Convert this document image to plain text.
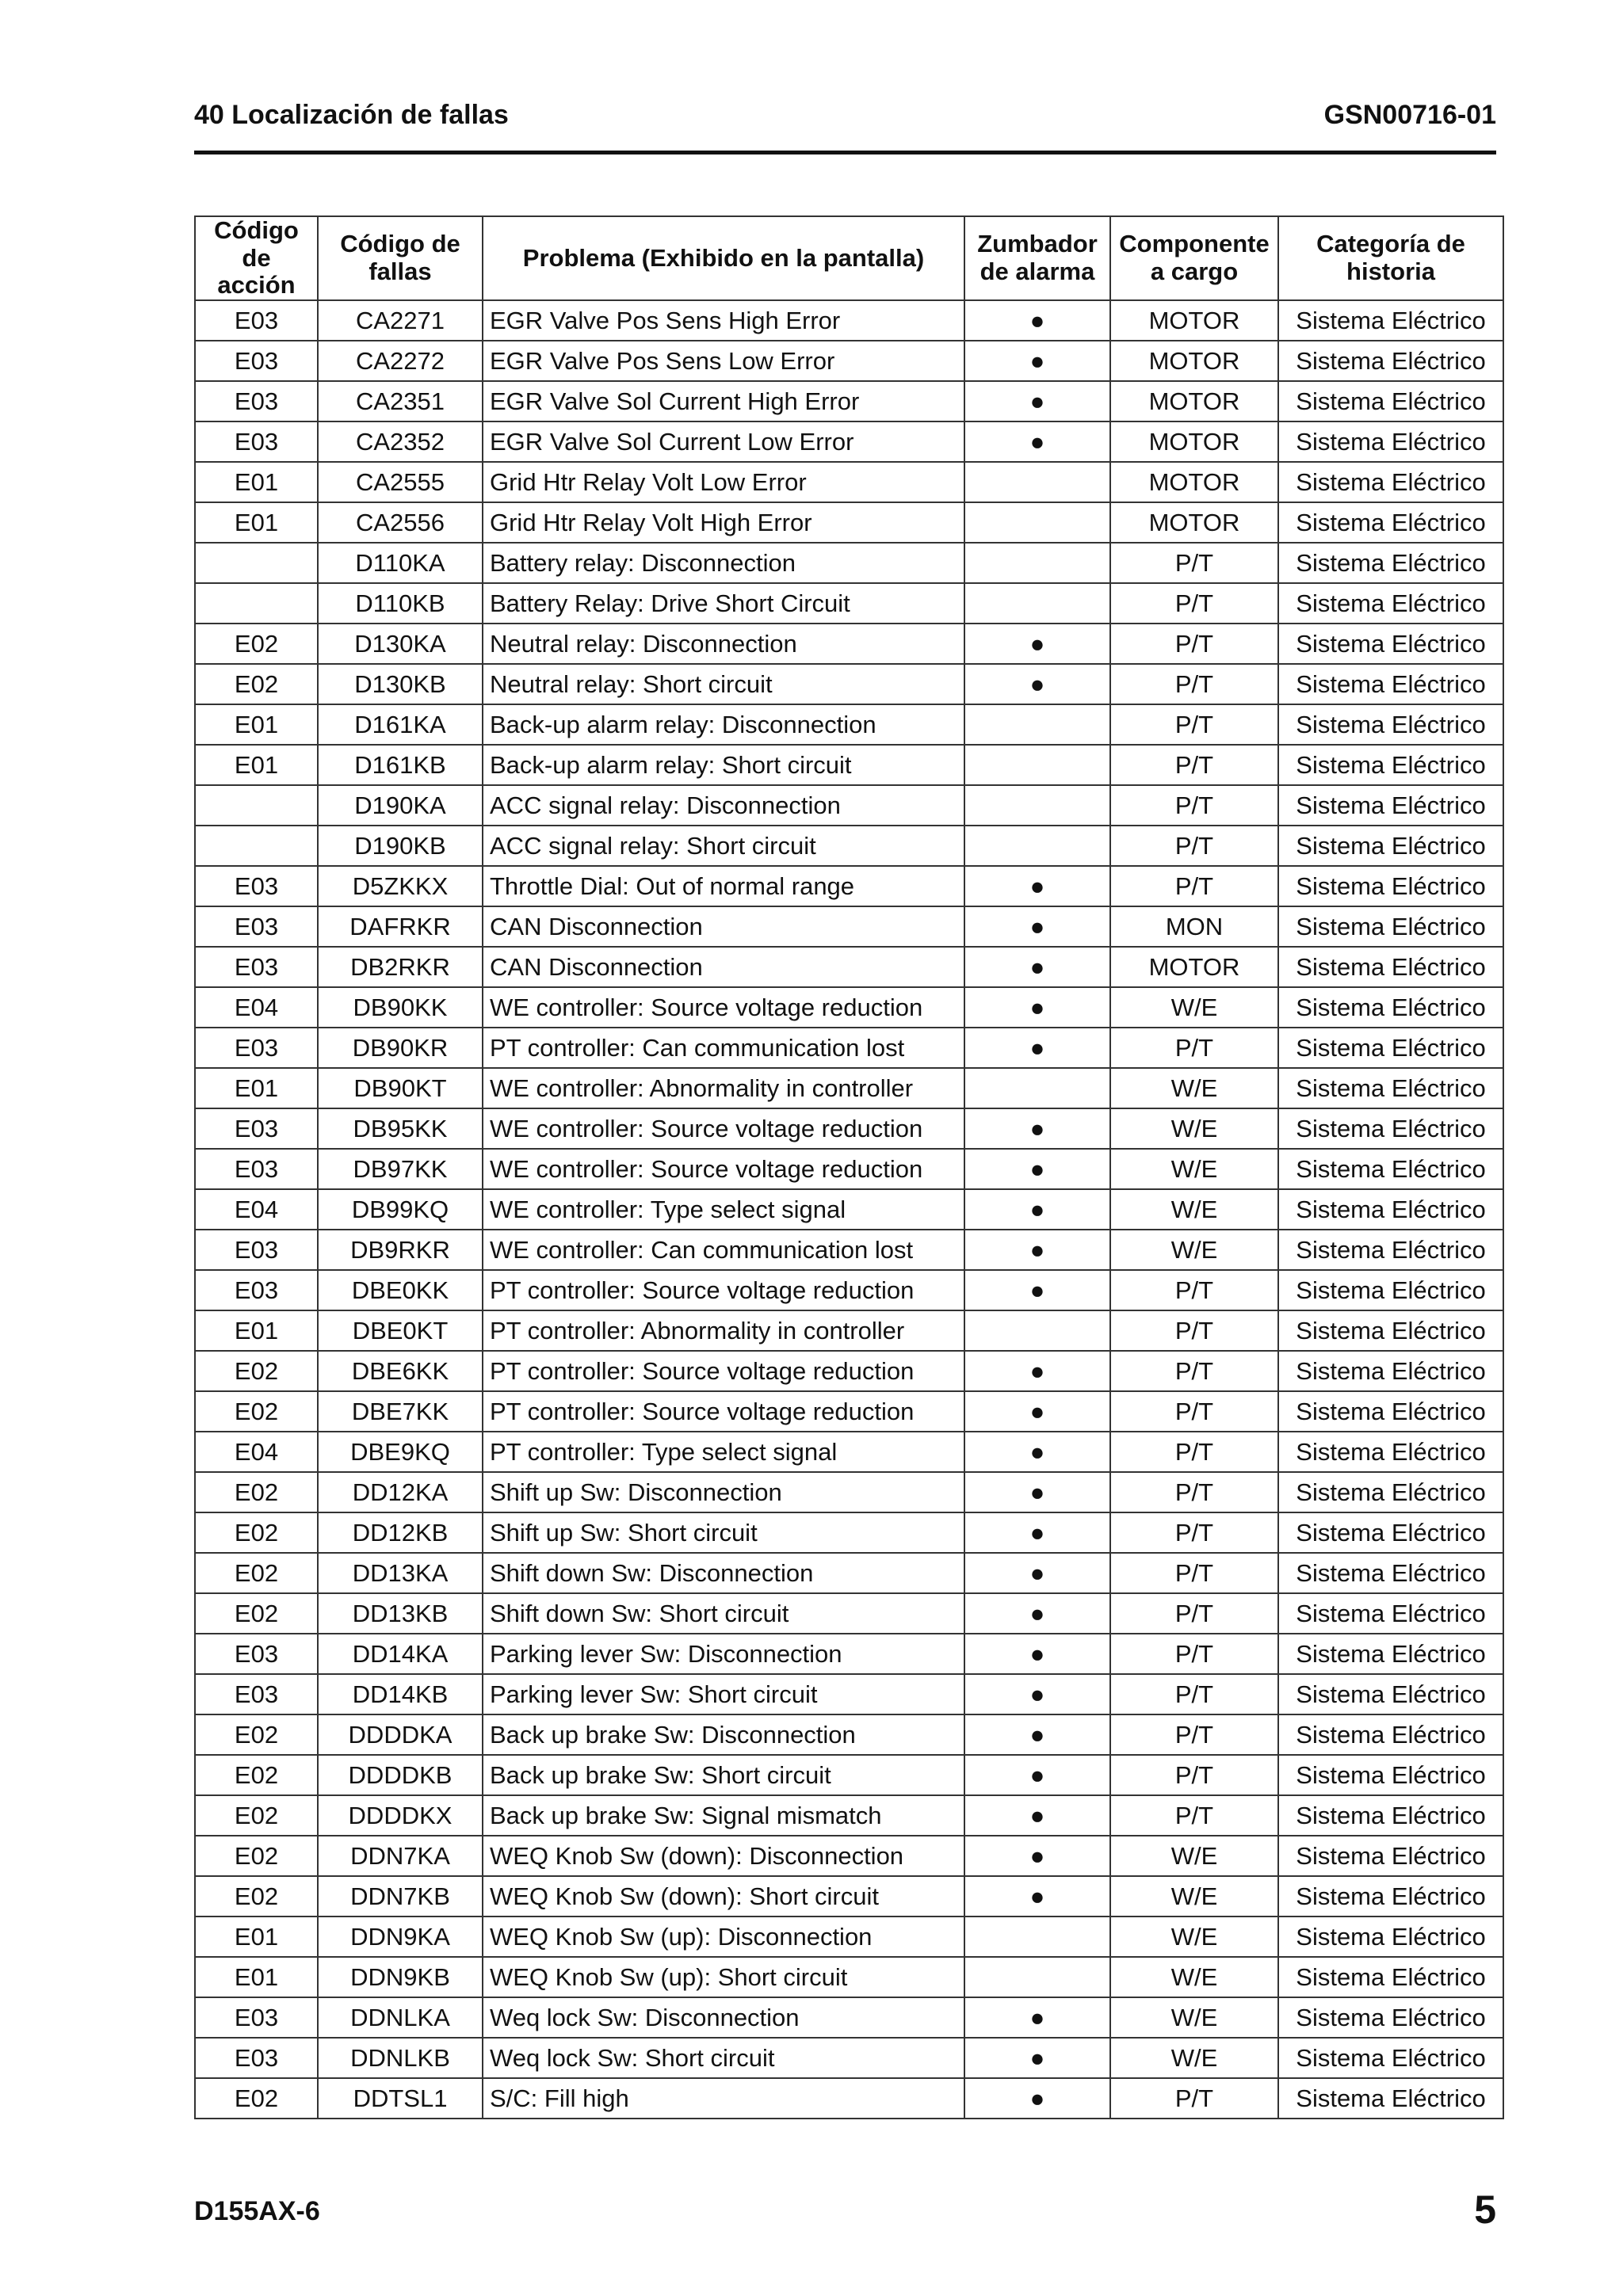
40 Localización de fallas	GSN00716-01
Código de acción	Código de fallas	Problema (Exhibido en la pantalla)	Zumbador de alarma	Componente a cargo	Categoría de historia
E03	CA2271	EGR Valve Pos Sens High Error	●	MOTOR	Sistema Eléctrico
E03	CA2272	EGR Valve Pos Sens Low Error	●	MOTOR	Sistema Eléctrico
E03	CA2351	EGR Valve Sol Current High Error	●	MOTOR	Sistema Eléctrico
E03	CA2352	EGR Valve Sol Current Low Error	●	MOTOR	Sistema Eléctrico
E01	CA2555	Grid Htr Relay Volt Low Error		MOTOR	Sistema Eléctrico
E01	CA2556	Grid Htr Relay Volt High Error		MOTOR	Sistema Eléctrico
	D110KA	Battery relay: Disconnection		P/T	Sistema Eléctrico
	D110KB	Battery Relay: Drive Short Circuit		P/T	Sistema Eléctrico
E02	D130KA	Neutral relay: Disconnection	●	P/T	Sistema Eléctrico
E02	D130KB	Neutral relay: Short circuit	●	P/T	Sistema Eléctrico
E01	D161KA	Back-up alarm relay: Disconnection		P/T	Sistema Eléctrico
E01	D161KB	Back-up alarm relay: Short circuit		P/T	Sistema Eléctrico
	D190KA	ACC signal relay: Disconnection		P/T	Sistema Eléctrico
	D190KB	ACC signal relay: Short circuit		P/T	Sistema Eléctrico
E03	D5ZKKX	Throttle Dial: Out of normal range	●	P/T	Sistema Eléctrico
E03	DAFRKR	CAN Disconnection	●	MON	Sistema Eléctrico
E03	DB2RKR	CAN Disconnection	●	MOTOR	Sistema Eléctrico
E04	DB90KK	WE controller: Source voltage reduction	●	W/E	Sistema Eléctrico
E03	DB90KR	PT controller: Can communication lost	●	P/T	Sistema Eléctrico
E01	DB90KT	WE controller: Abnormality in controller		W/E	Sistema Eléctrico
E03	DB95KK	WE controller: Source voltage reduction	●	W/E	Sistema Eléctrico
E03	DB97KK	WE controller: Source voltage reduction	●	W/E	Sistema Eléctrico
E04	DB99KQ	WE controller: Type select signal	●	W/E	Sistema Eléctrico
E03	DB9RKR	WE controller: Can communication lost	●	W/E	Sistema Eléctrico
E03	DBE0KK	PT controller: Source voltage reduction	●	P/T	Sistema Eléctrico
E01	DBE0KT	PT controller: Abnormality in controller		P/T	Sistema Eléctrico
E02	DBE6KK	PT controller: Source voltage reduction	●	P/T	Sistema Eléctrico
E02	DBE7KK	PT controller: Source voltage reduction	●	P/T	Sistema Eléctrico
E04	DBE9KQ	PT controller: Type select signal	●	P/T	Sistema Eléctrico
E02	DD12KA	Shift up Sw: Disconnection	●	P/T	Sistema Eléctrico
E02	DD12KB	Shift up Sw: Short circuit	●	P/T	Sistema Eléctrico
E02	DD13KA	Shift down Sw: Disconnection	●	P/T	Sistema Eléctrico
E02	DD13KB	Shift down Sw: Short circuit	●	P/T	Sistema Eléctrico
E03	DD14KA	Parking lever Sw: Disconnection	●	P/T	Sistema Eléctrico
E03	DD14KB	Parking lever Sw: Short circuit	●	P/T	Sistema Eléctrico
E02	DDDDKA	Back up brake Sw: Disconnection	●	P/T	Sistema Eléctrico
E02	DDDDKB	Back up brake Sw: Short circuit	●	P/T	Sistema Eléctrico
E02	DDDDKX	Back up brake Sw: Signal mismatch	●	P/T	Sistema Eléctrico
E02	DDN7KA	WEQ Knob Sw (down): Disconnection	●	W/E	Sistema Eléctrico
E02	DDN7KB	WEQ Knob Sw (down): Short circuit	●	W/E	Sistema Eléctrico
E01	DDN9KA	WEQ Knob Sw (up): Disconnection		W/E	Sistema Eléctrico
E01	DDN9KB	WEQ Knob Sw (up): Short circuit		W/E	Sistema Eléctrico
E03	DDNLKA	Weq lock Sw: Disconnection	●	W/E	Sistema Eléctrico
E03	DDNLKB	Weq lock Sw: Short circuit	●	W/E	Sistema Eléctrico
E02	DDTSL1	S/C: Fill high	●	P/T	Sistema Eléctrico
D155AX-6	5
